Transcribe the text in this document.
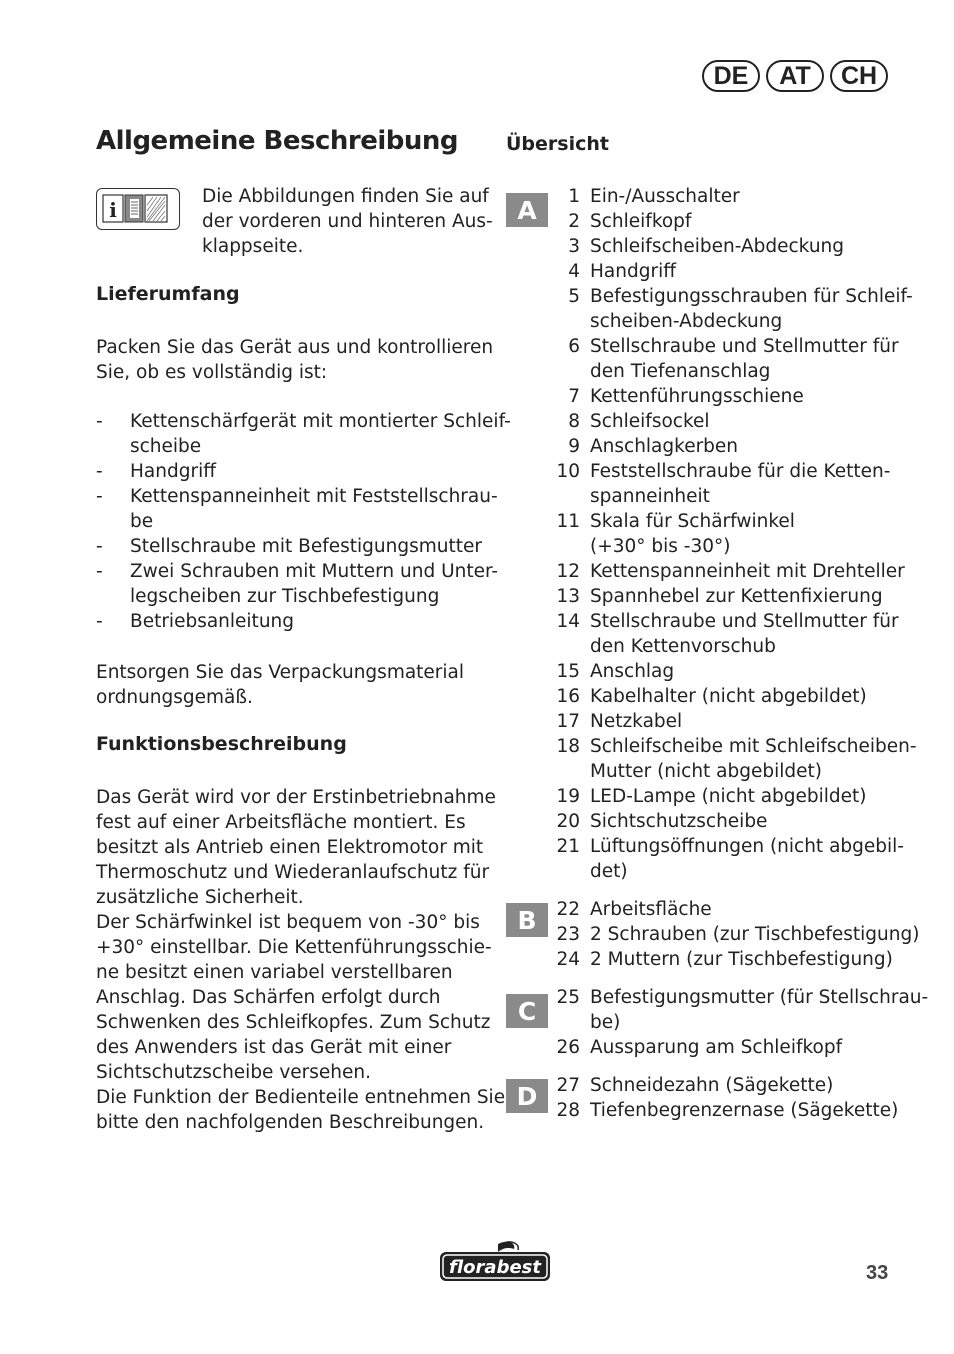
DE	AT	CH
Allgemeine Beschreibung
i

Die Abbildungen finden Sie auf

der vorderen und hinteren Aus-

klappseite.

Lieferumfang

Packen Sie das Gerät aus und kontrollieren

Sie, ob es vollständig ist:

-	Kettenschärfgerät mit montierter Schleif-

scheibe

-	Handgriff

-	Kettenspanneinheit mit Feststellschrau-

be

-	Stellschraube mit Befestigungsmutter

-	Zwei Schrauben mit Muttern und Unter-

legscheiben zur Tischbefestigung

-	Betriebsanleitung

Entsorgen Sie das Verpackungsmaterial

ordnungsgemäß.

Funktionsbeschreibung

Das Gerät wird vor der Erstinbetriebnahme

fest auf einer Arbeitsfläche montiert. Es

besitzt als Antrieb einen Elektromotor mit

Thermoschutz und Wiederanlaufschutz für

zusätzliche Sicherheit.

Der Schärfwinkel ist bequem von -30° bis

+30° einstellbar. Die Kettenführungsschie-

ne besitzt einen variabel verstellbaren

Anschlag. Das Schärfen erfolgt durch

Schwenken des Schleifkopfes. Zum Schutz

des Anwenders ist das Gerät mit einer

Sichtschutzscheibe versehen.

Die Funktion der Bedienteile entnehmen Sie

bitte den nachfolgenden Beschreibungen.

Übersicht
A
B
C
D
1 Ein-/Ausschalter

2 Schleifkopf

3 Schleifscheiben-Abdeckung

4 Handgriff

5 Befestigungsschrauben für Schleif-

scheiben-Abdeckung

6 Stellschraube und Stellmutter für

den Tiefenanschlag

7 Kettenführungsschiene

8 Schleifsockel

9 Anschlagkerben

10 Feststellschraube für die Ketten-

spanneinheit

11 Skala für Schärfwinkel

(+30° bis -30°)

12 Kettenspanneinheit mit Drehteller

13 Spannhebel zur Kettenfixierung

14 Stellschraube und Stellmutter für

den Kettenvorschub

15 Anschlag

16 Kabelhalter (nicht abgebildet)

17 Netzkabel

18 Schleifscheibe mit Schleifscheiben-

Mutter (nicht abgebildet)

19 LED-Lampe (nicht abgebildet)

20 Sichtschutzscheibe

21 Lüftungsöffnungen (nicht abgebil-

det)

22 Arbeitsfläche

23 2 Schrauben (zur Tischbefestigung)

24 2 Muttern (zur Tischbefestigung)

25 Befestigungsmutter (für Stellschrau-

be)

26 Aussparung am Schleifkopf

27 Schneidezahn (Sägekette)

28 Tiefenbegrenzernase (Sägekette)

florabest	33
